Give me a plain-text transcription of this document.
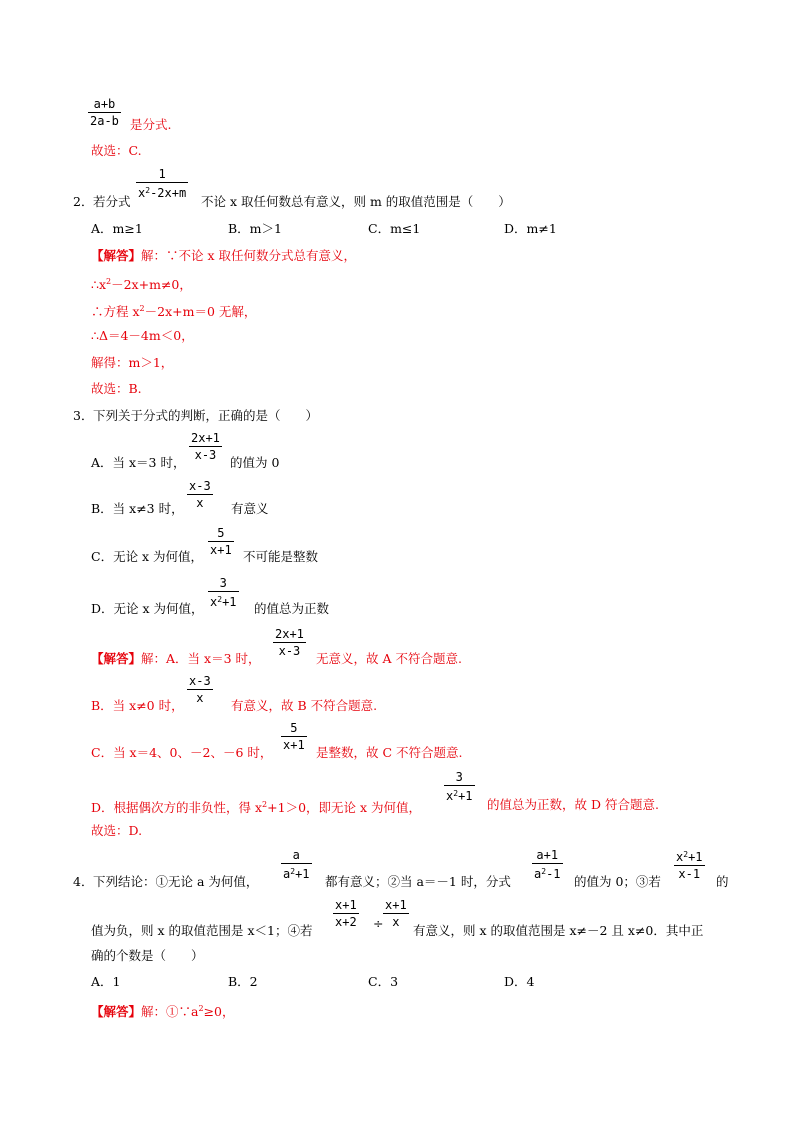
a+b
2a-b 是分式.
故选：C.
2． 若分式
1
$x^2-2x+m$
不论 x 取任何数总有意义，则 m 的取值范围是（　　）
A．m≥1	B．m＞1	C．m≤1	D．m≠1
【解答】解：∵不论 x 取任何数分式总有意义，
$\therefore x^2-2x+m\ne 0$，
∴方程 $x^2-2x+m=0$ 无解，
∴Δ＝4－4m＜0，
解得：m＞1，
故选：B.
3． 下列关于分式的判断，正确的是（　　）
A．当 x＝3 时，
2x+1
x-3 的值为 0
B．当 x≠3 时，
x-3
x 有意义
C．无论 x 为何值，
5
x+1 不可能是整数
D．无论 x 为何值，
3
$x^2+1$ 的值总为正数
【解答】解：A．当 x＝3 时，
2x+1
x-3 无意义，故 A 不符合题意.
B．当 x≠0 时，
x-3
x 有意义，故 B 不符合题意.
C．当 x＝4、0、－2、－6 时，
5
x+1 是整数，故 C 不符合题意.
D．根据偶次方的非负性，得 $x^2+1>0$，即无论 x 为何值，
3
$x^2+1$
的值总为正数，故 D 符合题意.
故选：D.
4． 下列结论：①无论 a 为何值，
a
$a^2+1$ 都有意义；②当 a＝－1 时，分式
a+1
$a^2-1$ 的值为 0；③若
$x^2+1$
x-1 的
值为负，则 x 的取值范围是 x＜1；④若
x+1
x+2 ÷
x+1
x
有意义，则 x 的取值范围是 x≠－2 且 x≠0．其中正
确的个数是（　　）
A．1	B．2	C．3	D．4
【解答】解：$①\because a^2\ge 0$，
